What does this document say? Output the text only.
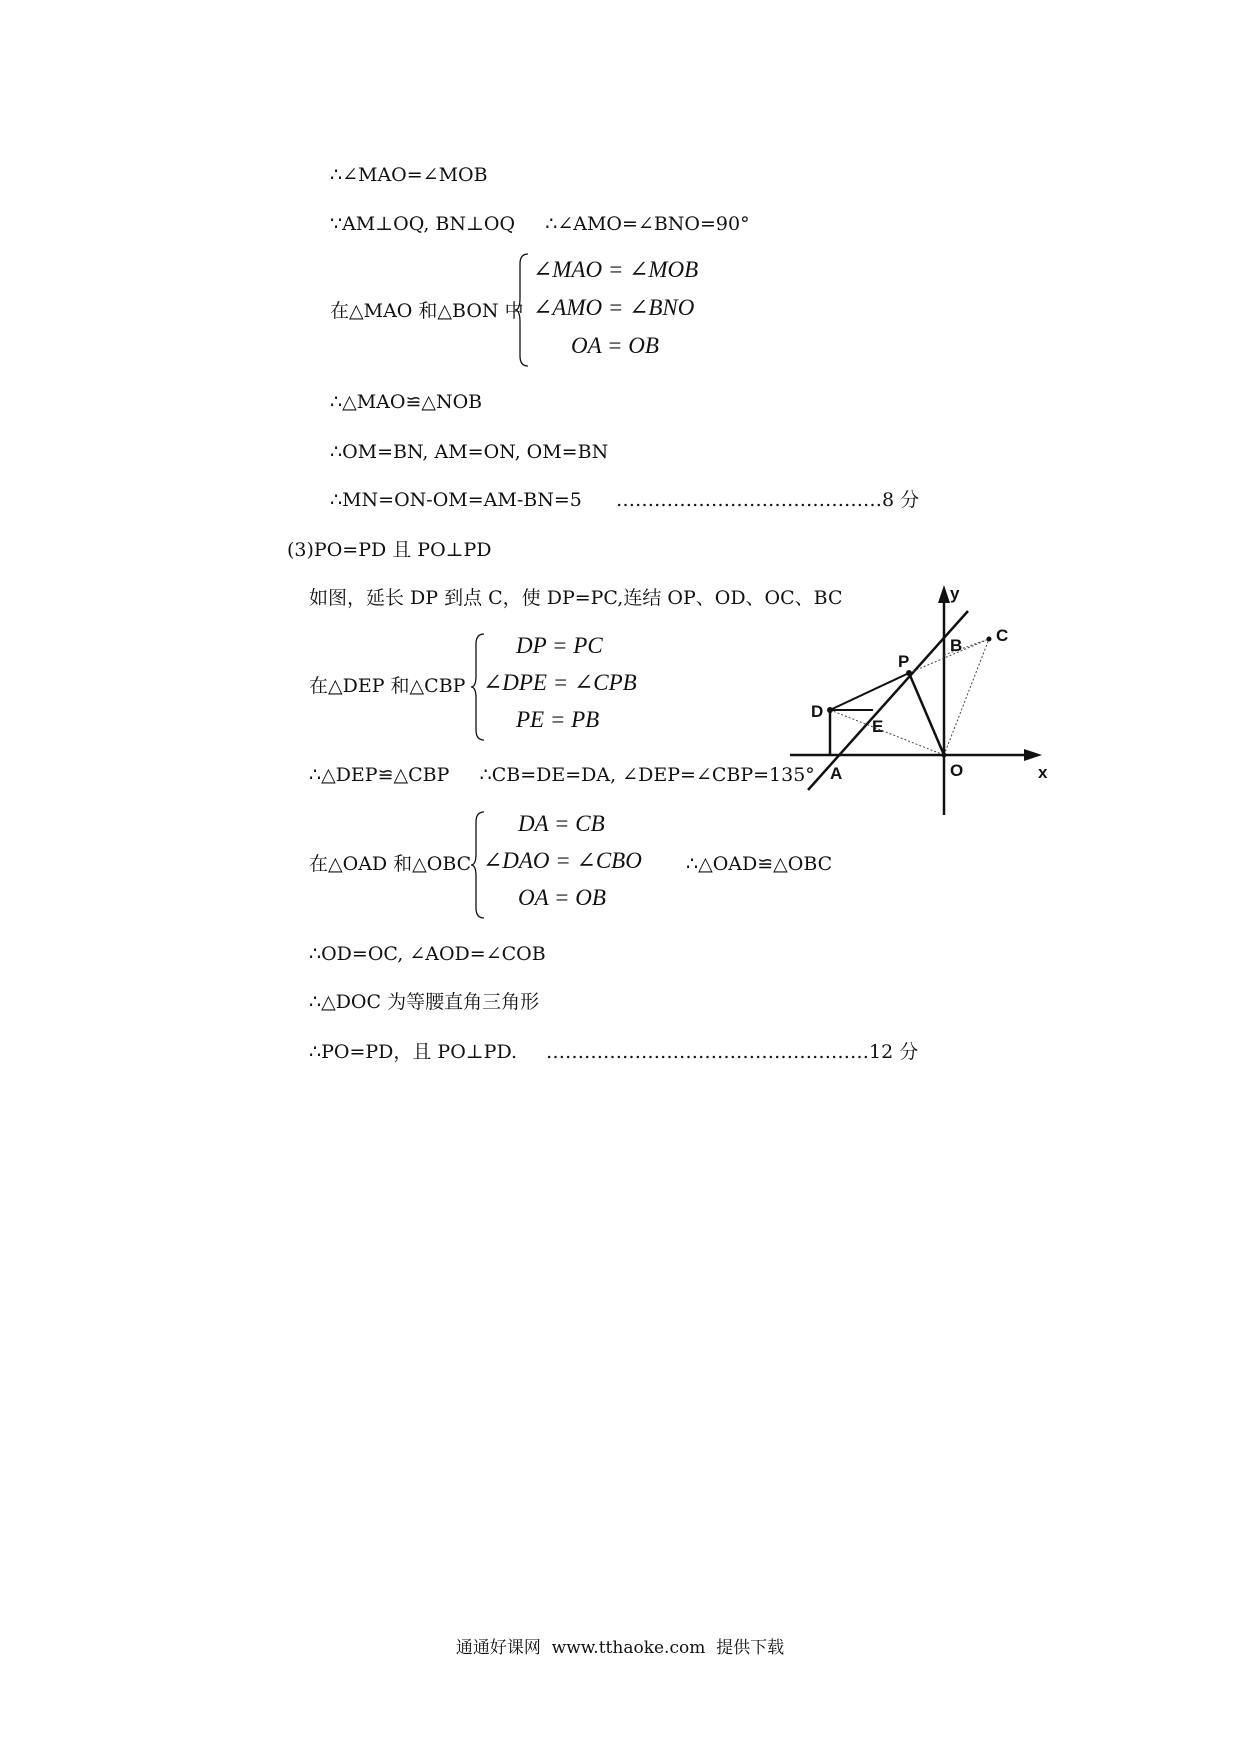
∴∠MAO=∠MOB
∵AM⊥OQ, BN⊥OQ     ∴∠AMO=∠BNO=90°
在△MAO 和△BON 中
∠MAO = ∠MOB
∠AMO = ∠BNO
OA = OB
∴△MAO≌△NOB
∴OM=BN, AM=ON, OM=BN
∴MN=ON-OM=AM-BN=5 ……………………………………8 分
(3)PO=PD 且 PO⊥PD
如图，延长 DP 到点 C，使 DP=PC,连结 OP、OD、OC、BC
在△DEP 和△CBP
DP = PC
∠DPE = ∠CPB
PE = PB
∴△DEP≌△CBP     ∴CB=DE=DA, ∠DEP=∠CBP=135°
在△OAD 和△OBC
DA = CB
∠DAO = ∠CBO
OA = OB
∴△OAD≌△OBC
∴OD=OC, ∠AOD=∠COB
∴△DOC 为等腰直角三角形
∴PO=PD，且 PO⊥PD. ……………………………………………12 分
y
x
B
C
P
D
E
A	O
通通好课网  www.tthaoke.com  提供下载
